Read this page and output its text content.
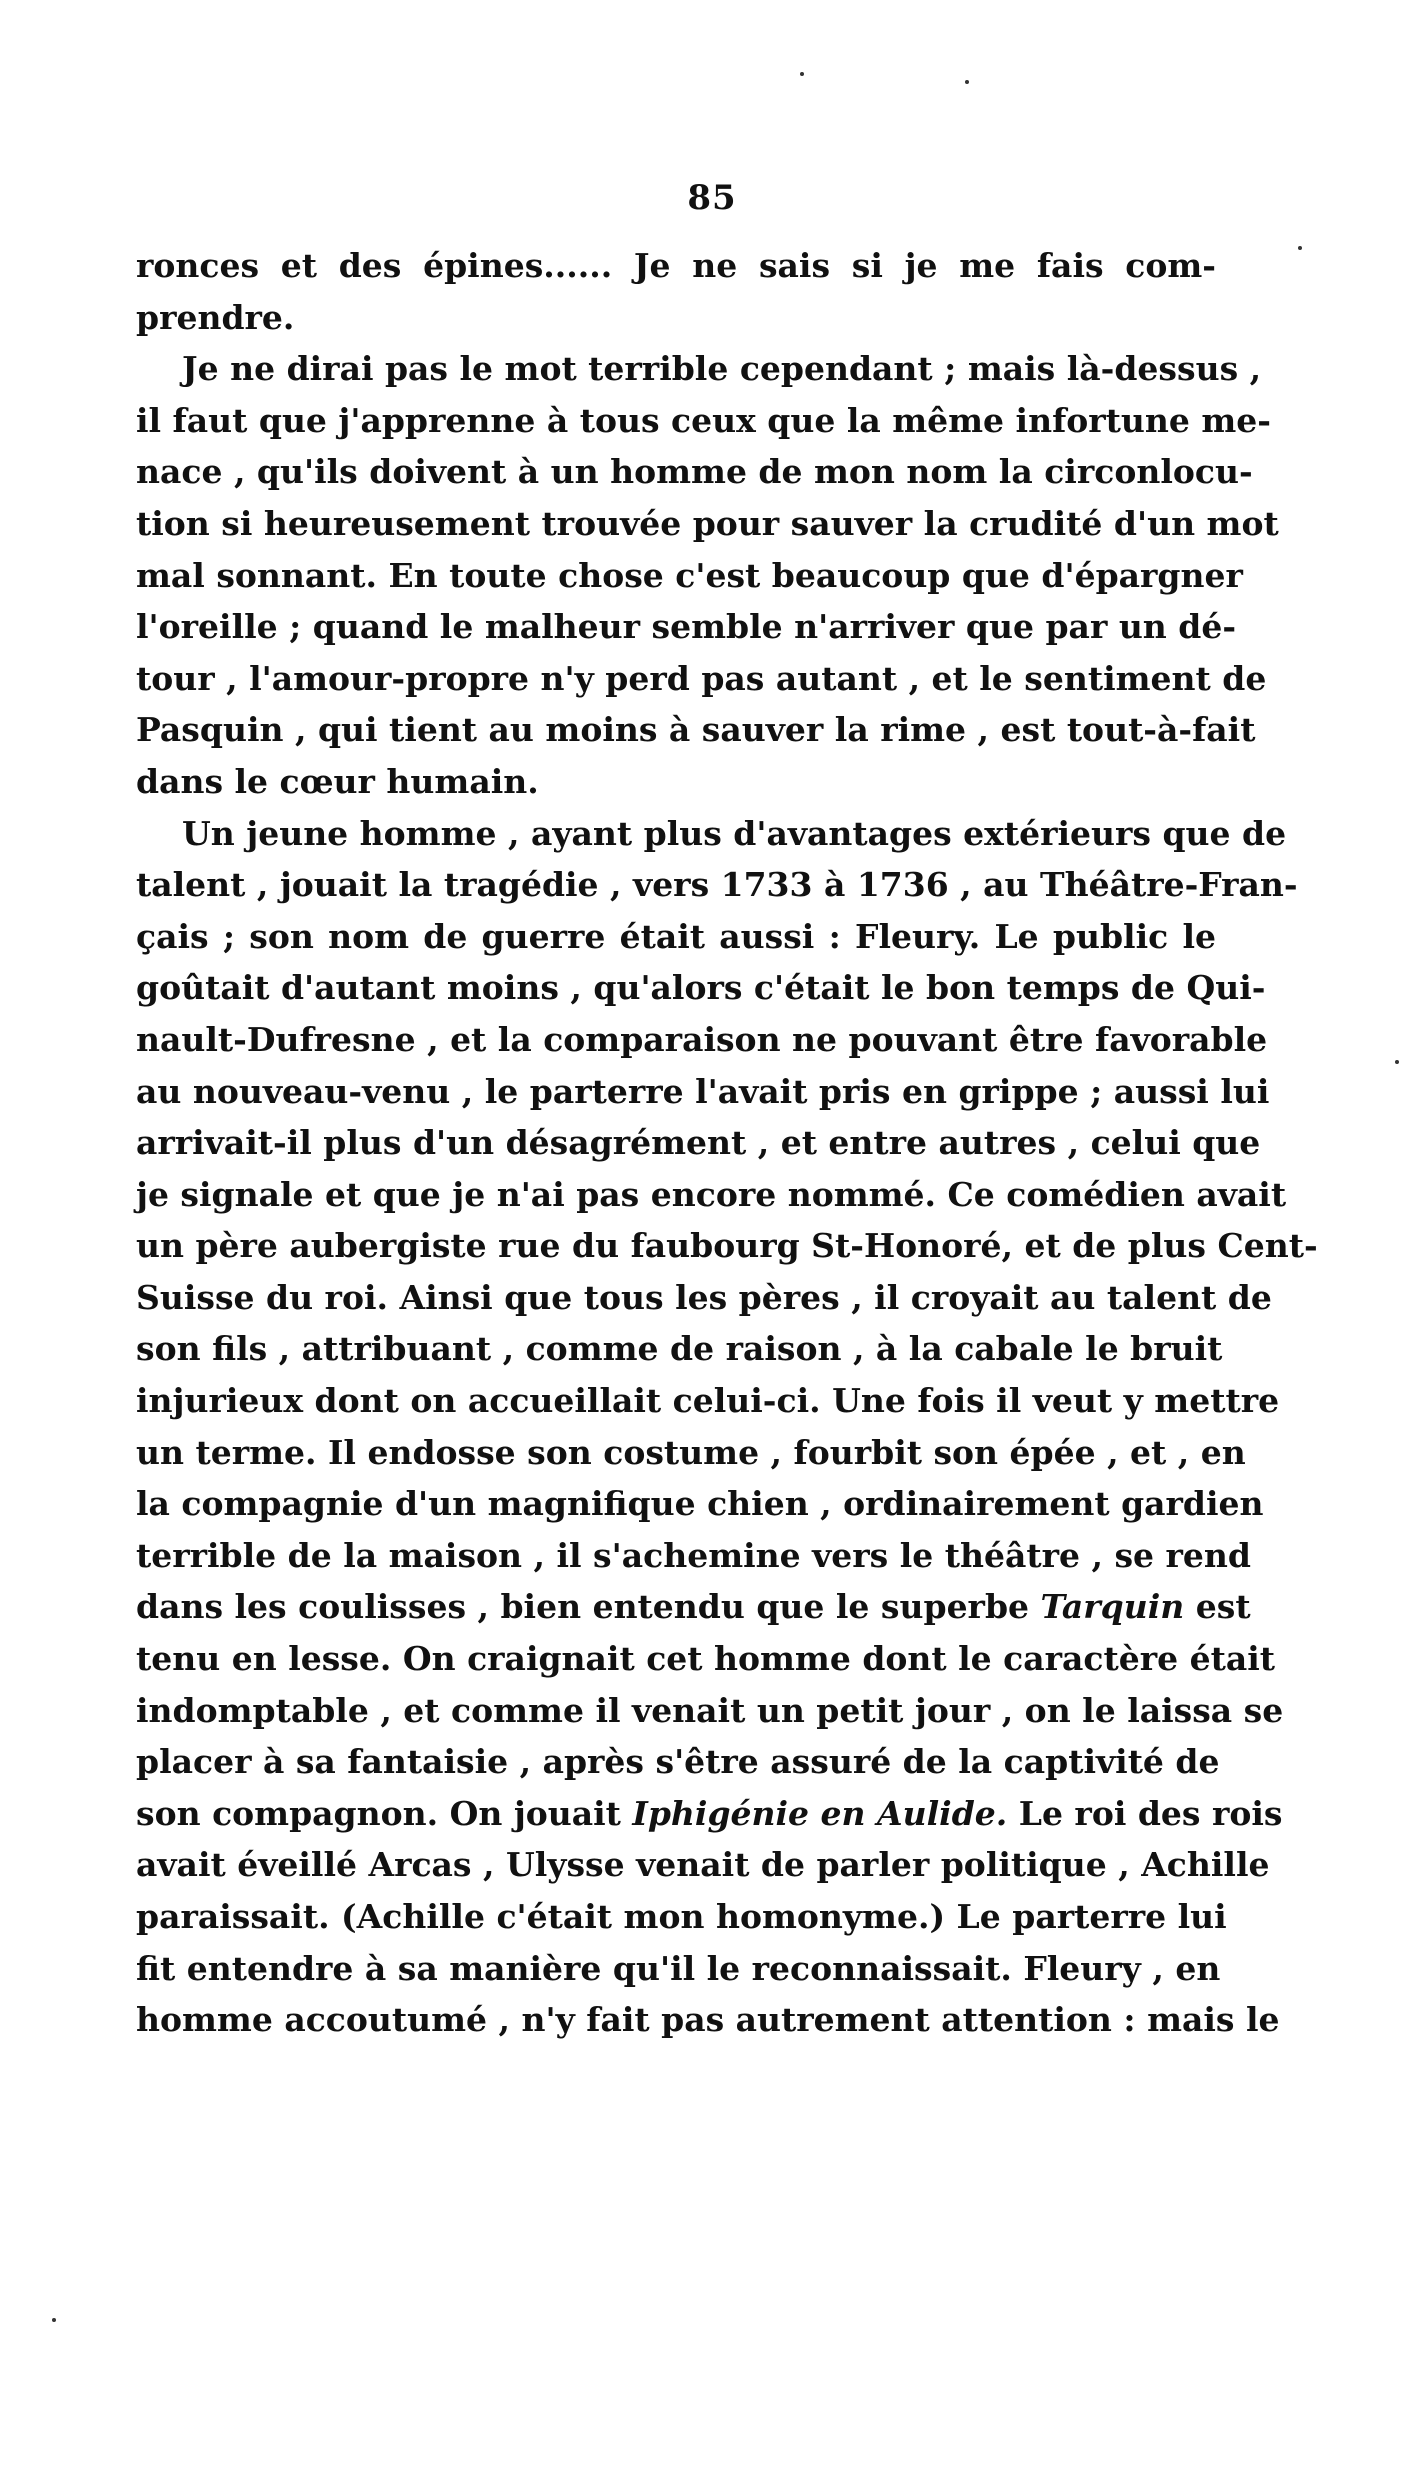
85
ronces et des épines...... Je ne sais si je me fais com-
prendre.
Je ne dirai pas le mot terrible cependant ; mais là-dessus ,
il faut que j'apprenne à tous ceux que la même infortune me-
nace , qu'ils doivent à un homme de mon nom la circonlocu-
tion si heureusement trouvée pour sauver la crudité d'un mot
mal sonnant. En toute chose c'est beaucoup que d'épargner
l'oreille ; quand le malheur semble n'arriver que par un dé-
tour , l'amour-propre n'y perd pas autant , et le sentiment de
Pasquin , qui tient au moins à sauver la rime , est tout-à-fait
dans le cœur humain.
Un jeune homme , ayant plus d'avantages extérieurs que de
talent , jouait la tragédie , vers 1733 à 1736 , au Théâtre-Fran-
çais ; son nom de guerre était aussi : Fleury. Le public le
goûtait d'autant moins , qu'alors c'était le bon temps de Qui-
nault-Dufresne , et la comparaison ne pouvant être favorable
au nouveau-venu , le parterre l'avait pris en grippe ; aussi lui
arrivait-il plus d'un désagrément , et entre autres , celui que
je signale et que je n'ai pas encore nommé. Ce comédien avait
un père aubergiste rue du faubourg St-Honoré, et de plus Cent-
Suisse du roi. Ainsi que tous les pères , il croyait au talent de
son fils , attribuant , comme de raison , à la cabale le bruit
injurieux dont on accueillait celui-ci. Une fois il veut y mettre
un terme. Il endosse son costume , fourbit son épée , et , en
la compagnie d'un magnifique chien , ordinairement gardien
terrible de la maison , il s'achemine vers le théâtre , se rend
dans les coulisses , bien entendu que le superbe Tarquin est
tenu en lesse. On craignait cet homme dont le caractère était
indomptable , et comme il venait un petit jour , on le laissa se
placer à sa fantaisie , après s'être assuré de la captivité de
son compagnon. On jouait Iphigénie en Aulide. Le roi des rois
avait éveillé Arcas , Ulysse venait de parler politique , Achille
paraissait. (Achille c'était mon homonyme.) Le parterre lui
fit entendre à sa manière qu'il le reconnaissait. Fleury , en
homme accoutumé , n'y fait pas autrement attention : mais le
